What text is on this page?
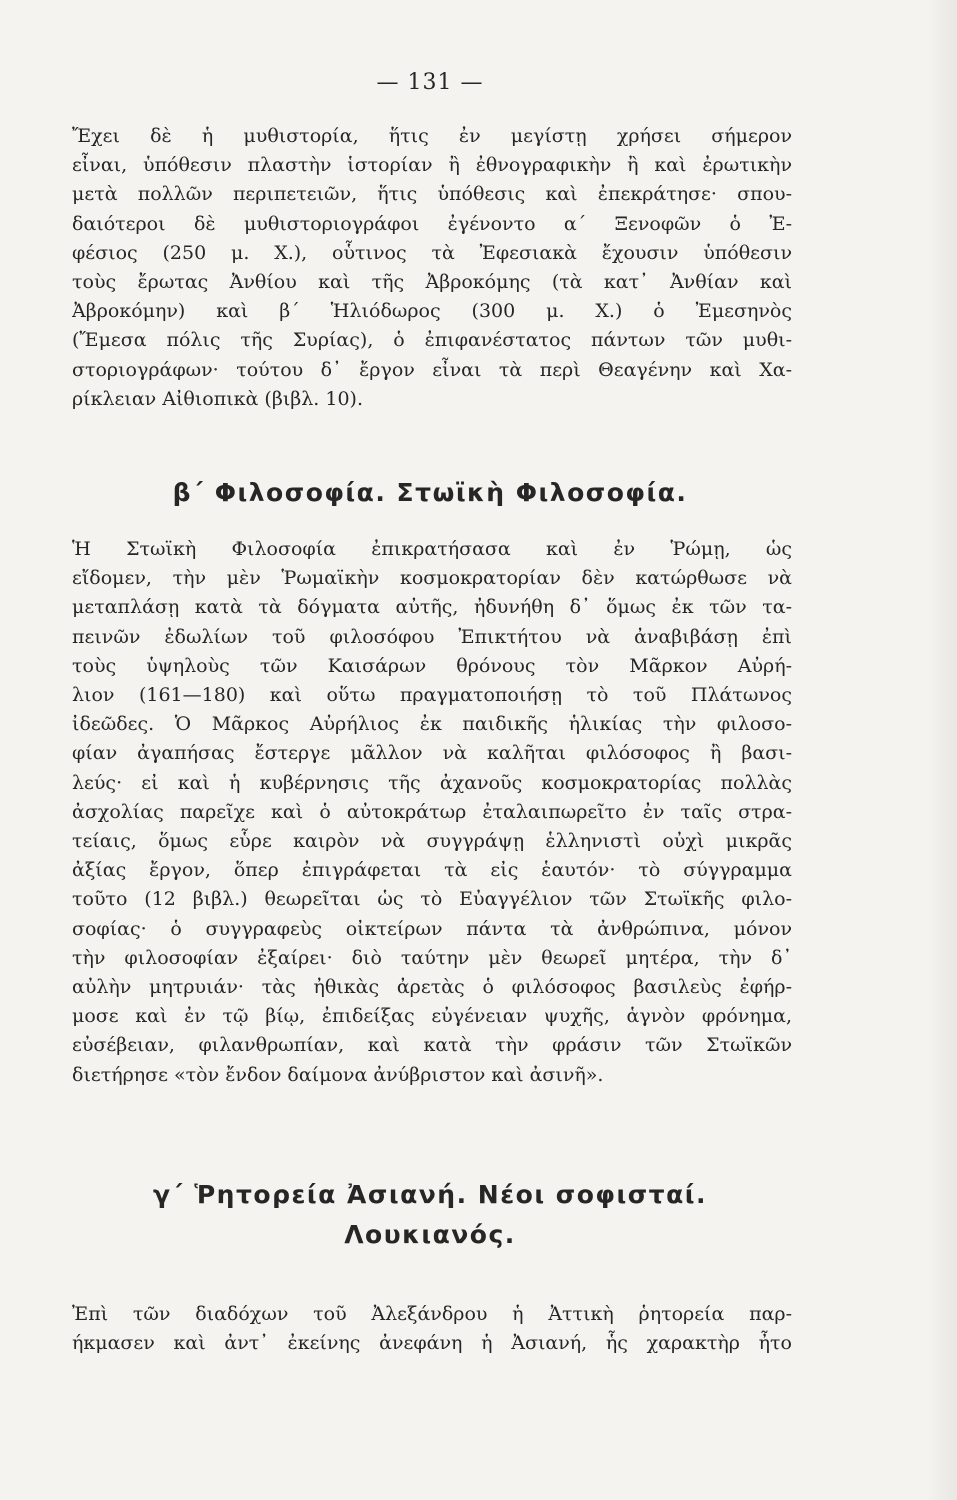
— 131 —
Ἔχει δὲ ἡ μυθιστορία, ἥτις ἐν μεγίστῃ χρήσει σήμερον
εἶναι, ὑπόθεσιν πλαστὴν ἱστορίαν ἢ ἐθνογραφικὴν ἢ καὶ ἐρωτικὴν
μετὰ πολλῶν περιπετειῶν, ἥτις ὑπόθεσις καὶ ἐπεκράτησε· σπου-
δαιότεροι δὲ μυθιστοριογράφοι ἐγένοντο α΄ Ξενοφῶν ὁ Ἐ-
φέσιος (250 μ. Χ.), οὗτινος τὰ Ἐφεσιακὰ ἔχουσιν ὑπόθεσιν
τοὺς ἔρωτας Ἀνθίου καὶ τῆς Ἀβροκόμης (τὰ κατ᾽ Ἀνθίαν καὶ
Ἀβροκόμην) καὶ β΄ Ἡλιόδωρος (300 μ. Χ.) ὁ Ἐμεσηνὸς
(Ἔμεσα πόλις τῆς Συρίας), ὁ ἐπιφανέστατος πάντων τῶν μυθι-
στοριογράφων· τούτου δ᾽ ἔργον εἶναι τὰ περὶ Θεαγένην καὶ Χα-
ρίκλειαν Αἰθιοπικὰ (βιβλ. 10).
β΄ Φιλοσοφία. Στωϊκὴ Φιλοσοφία.
Ἡ Στωϊκὴ Φιλοσοφία ἐπικρατήσασα καὶ ἐν Ῥώμῃ, ὡς
εἴδομεν, τὴν μὲν Ῥωμαϊκὴν κοσμοκρατορίαν δὲν κατώρθωσε νὰ
μεταπλάσῃ κατὰ τὰ δόγματα αὐτῆς, ἠδυνήθη δ᾽ ὅμως ἐκ τῶν τα-
πεινῶν ἐδωλίων τοῦ φιλοσόφου Ἐπικτήτου νὰ ἀναβιβάσῃ ἐπὶ
τοὺς ὑψηλοὺς τῶν Καισάρων θρόνους τὸν Μᾶρκον Αὐρή-
λιον (161—180) καὶ οὕτω πραγματοποιήσῃ τὸ τοῦ Πλάτωνος
ἰδεῶδες. Ὁ Μᾶρκος Αὐρήλιος ἐκ παιδικῆς ἡλικίας τὴν φιλοσο-
φίαν ἀγαπήσας ἔστεργε μᾶλλον νὰ καλῆται φιλόσοφος ἢ βασι-
λεύς· εἰ καὶ ἡ κυβέρνησις τῆς ἀχανοῦς κοσμοκρατορίας πολλὰς
ἀσχολίας παρεῖχε καὶ ὁ αὐτοκράτωρ ἐταλαιπωρεῖτο ἐν ταῖς στρα-
τείαις, ὅμως εὗρε καιρὸν νὰ συγγράψῃ ἑλληνιστὶ οὐχὶ μικρᾶς
ἀξίας ἔργον, ὅπερ ἐπιγράφεται τὰ εἰς ἑαυτόν· τὸ σύγγραμμα
τοῦτο (12 βιβλ.) θεωρεῖται ὡς τὸ Εὐαγγέλιον τῶν Στωϊκῆς φιλο-
σοφίας· ὁ συγγραφεὺς οἰκτείρων πάντα τὰ ἀνθρώπινα, μόνον
τὴν φιλοσοφίαν ἐξαίρει· διὸ ταύτην μὲν θεωρεῖ μητέρα, τὴν δ᾽
αὐλὴν μητρυιάν· τὰς ἠθικὰς ἀρετὰς ὁ φιλόσοφος βασιλεὺς ἐφήρ-
μοσε καὶ ἐν τῷ βίῳ, ἐπιδείξας εὐγένειαν ψυχῆς, ἁγνὸν φρόνημα,
εὐσέβειαν, φιλανθρωπίαν, καὶ κατὰ τὴν φράσιν τῶν Στωϊκῶν
διετήρησε «τὸν ἔνδον δαίμονα ἀνύβριστον καὶ ἀσινῆ».
γ΄ Ῥητορεία Ἀσιανή. Νέοι σοφισταί.
Λουκιανός.
Ἐπὶ τῶν διαδόχων τοῦ Ἀλεξάνδρου ἡ Ἀττικὴ ῥητορεία παρ-
ήκμασεν καὶ ἀντ᾽ ἐκείνης ἀνεφάνη ἡ Ἀσιανή, ἧς χαρακτὴρ ἦτο
